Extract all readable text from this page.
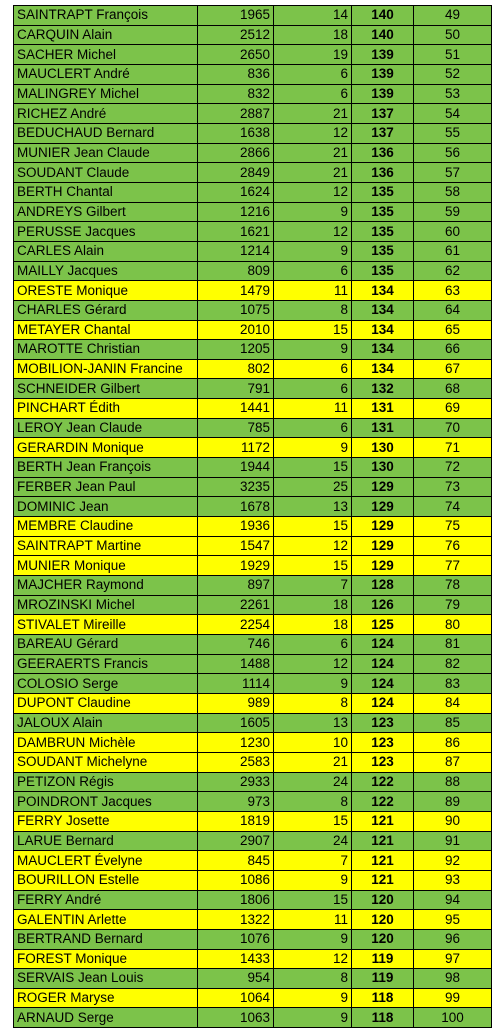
SAINTRAPT François	1965	14	140	49
CARQUIN Alain	2512	18	140	50
SACHER Michel	2650	19	139	51
MAUCLERT André	836	6	139	52
MALINGREY Michel	832	6	139	53
RICHEZ André	2887	21	137	54
BEDUCHAUD Bernard	1638	12	137	55
MUNIER Jean Claude	2866	21	136	56
SOUDANT Claude	2849	21	136	57
BERTH Chantal	1624	12	135	58
ANDREYS Gilbert	1216	9	135	59
PERUSSE Jacques	1621	12	135	60
CARLES Alain	1214	9	135	61
MAILLY Jacques	809	6	135	62
ORESTE Monique	1479	11	134	63
CHARLES Gérard	1075	8	134	64
METAYER Chantal	2010	15	134	65
MAROTTE Christian	1205	9	134	66
MOBILION-JANIN Francine	802	6	134	67
SCHNEIDER Gilbert	791	6	132	68
PINCHART Édith	1441	11	131	69
LEROY Jean Claude	785	6	131	70
GERARDIN Monique	1172	9	130	71
BERTH Jean François	1944	15	130	72
FERBER Jean Paul	3235	25	129	73
DOMINIC Jean	1678	13	129	74
MEMBRE Claudine	1936	15	129	75
SAINTRAPT Martine	1547	12	129	76
MUNIER Monique	1929	15	129	77
MAJCHER Raymond	897	7	128	78
MROZINSKI Michel	2261	18	126	79
STIVALET Mireille	2254	18	125	80
BAREAU Gérard	746	6	124	81
GEERAERTS Francis	1488	12	124	82
COLOSIO Serge	1114	9	124	83
DUPONT Claudine	989	8	124	84
JALOUX Alain	1605	13	123	85
DAMBRUN Michèle	1230	10	123	86
SOUDANT Michelyne	2583	21	123	87
PETIZON Régis	2933	24	122	88
POINDRONT Jacques	973	8	122	89
FERRY Josette	1819	15	121	90
LARUE Bernard	2907	24	121	91
MAUCLERT Évelyne	845	7	121	92
BOURILLON Estelle	1086	9	121	93
FERRY André	1806	15	120	94
GALENTIN Arlette	1322	11	120	95
BERTRAND Bernard	1076	9	120	96
FOREST Monique	1433	12	119	97
SERVAIS Jean Louis	954	8	119	98
ROGER Maryse	1064	9	118	99
ARNAUD Serge	1063	9	118	100
